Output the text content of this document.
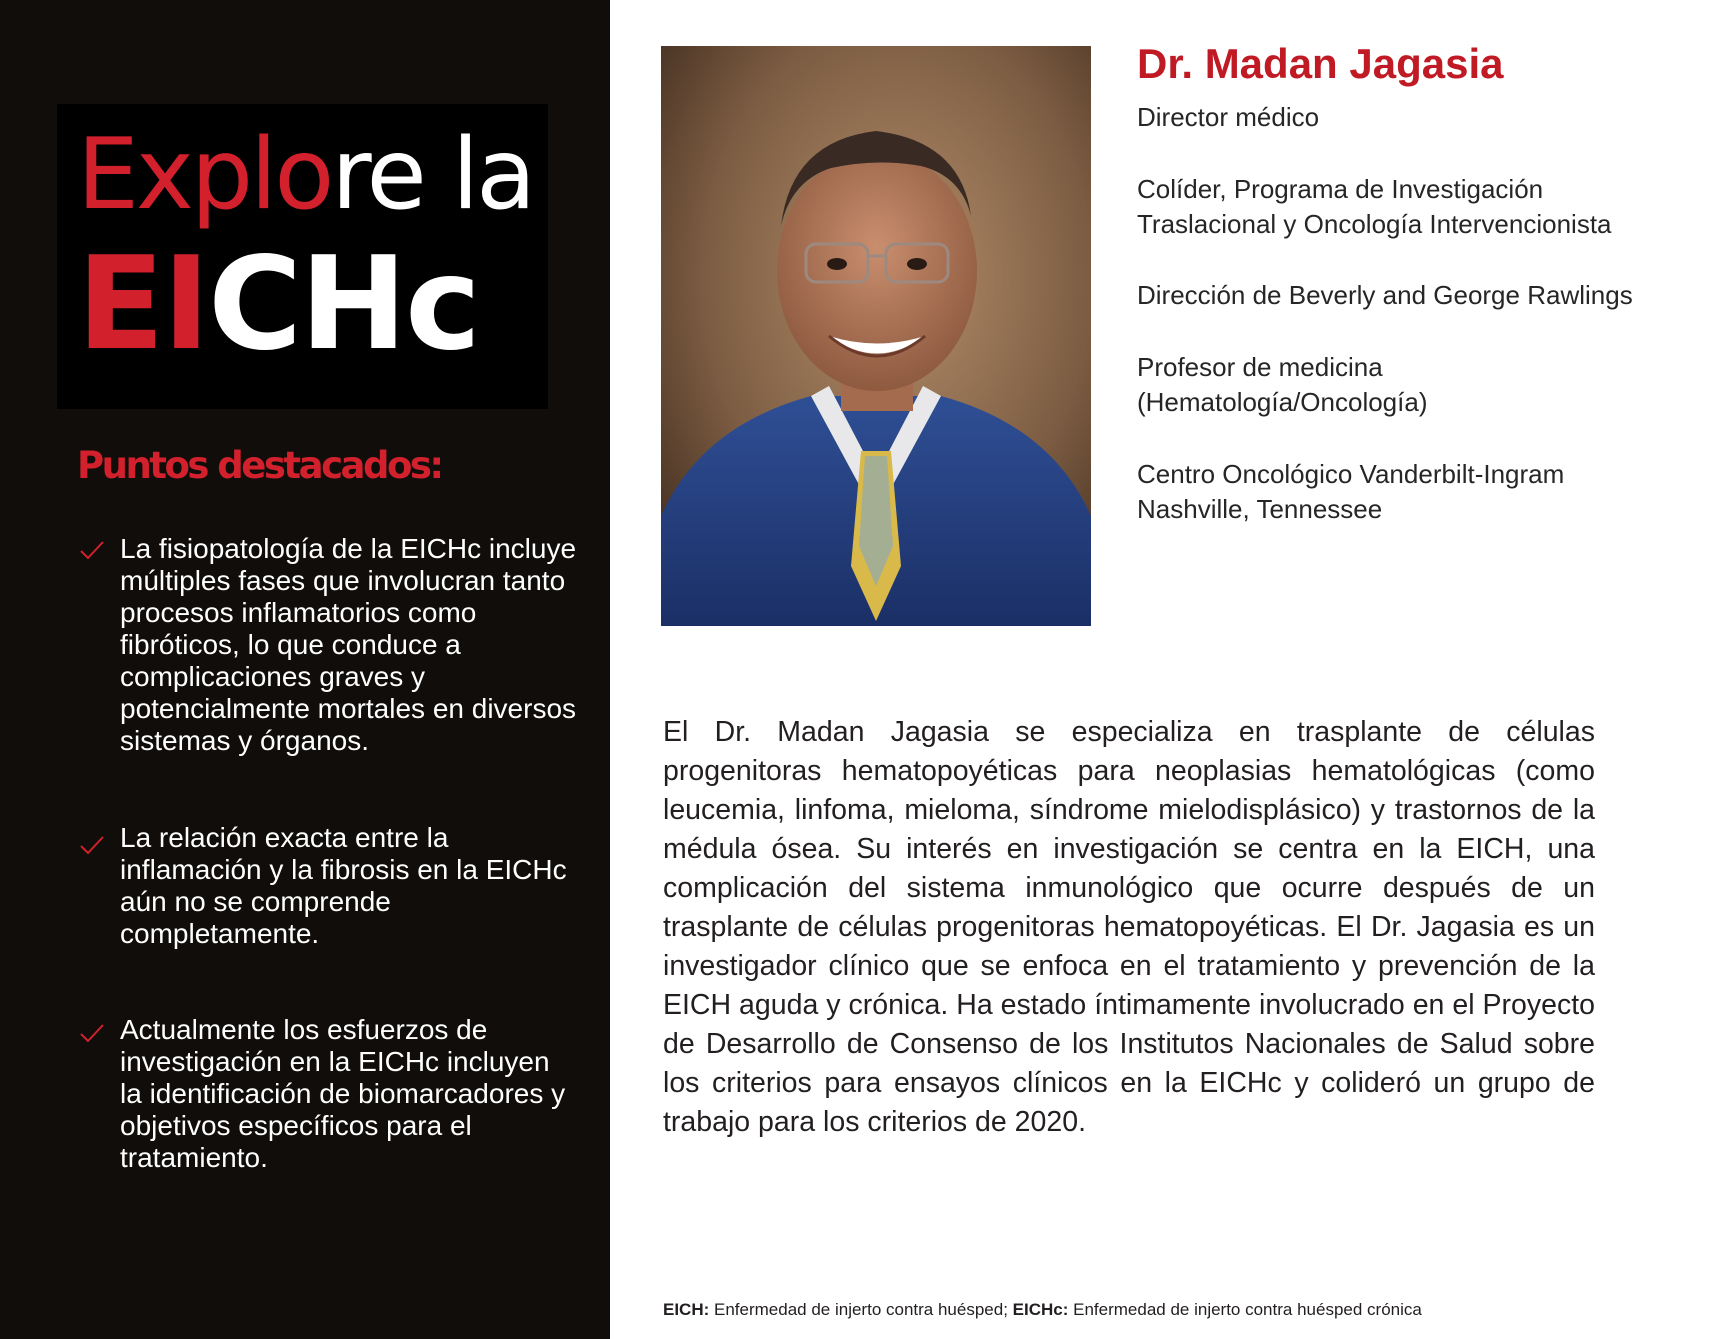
Explore la
EICHc
Puntos destacados:

La fisiopatología de la EICHc incluye múltiples fases que involucran tanto procesos inflamatorios como fibróticos, lo que conduce a complicaciones graves y potencialmente mortales en diversos sistemas y órganos.

La relación exacta entre la inflamación y la fibrosis en la EICHc aún no se comprende completamente.

Actualmente los esfuerzos de investigación en la EICHc incluyen la identificación de biomarcadores y objetivos específicos para el tratamiento.

Dr. Madan Jagasia

Director médico

Colíder, Programa de Investigación

Traslacional y Oncología Intervencionista

Dirección de Beverly and George Rawlings

Profesor de medicina

(Hematología/Oncología)

Centro Oncológico Vanderbilt-Ingram

Nashville, Tennessee

El Dr. Madan Jagasia se especializa en trasplante de células progenitoras hematopoyéticas para neoplasias hematológicas (como leucemia, linfoma, mieloma, síndrome mielodisplásico) y trastornos de la médula ósea. Su interés en investigación se centra en la EICH, una complicación del sistema inmunológico que ocurre después de un trasplante de células progenitoras hematopoyéticas. El Dr. Jagasia es un investigador clínico que se enfoca en el tratamiento y prevención de la EICH aguda y crónica. Ha estado íntimamente involucrado en el Proyecto de Desarrollo de Consenso de los Institutos Nacionales de Salud sobre los criterios para ensayos clínicos en la EICHc y colideró un grupo de trabajo para los criterios de 2020.

EICH: Enfermedad de injerto contra huésped; EICHc: Enfermedad de injerto contra huésped crónica
